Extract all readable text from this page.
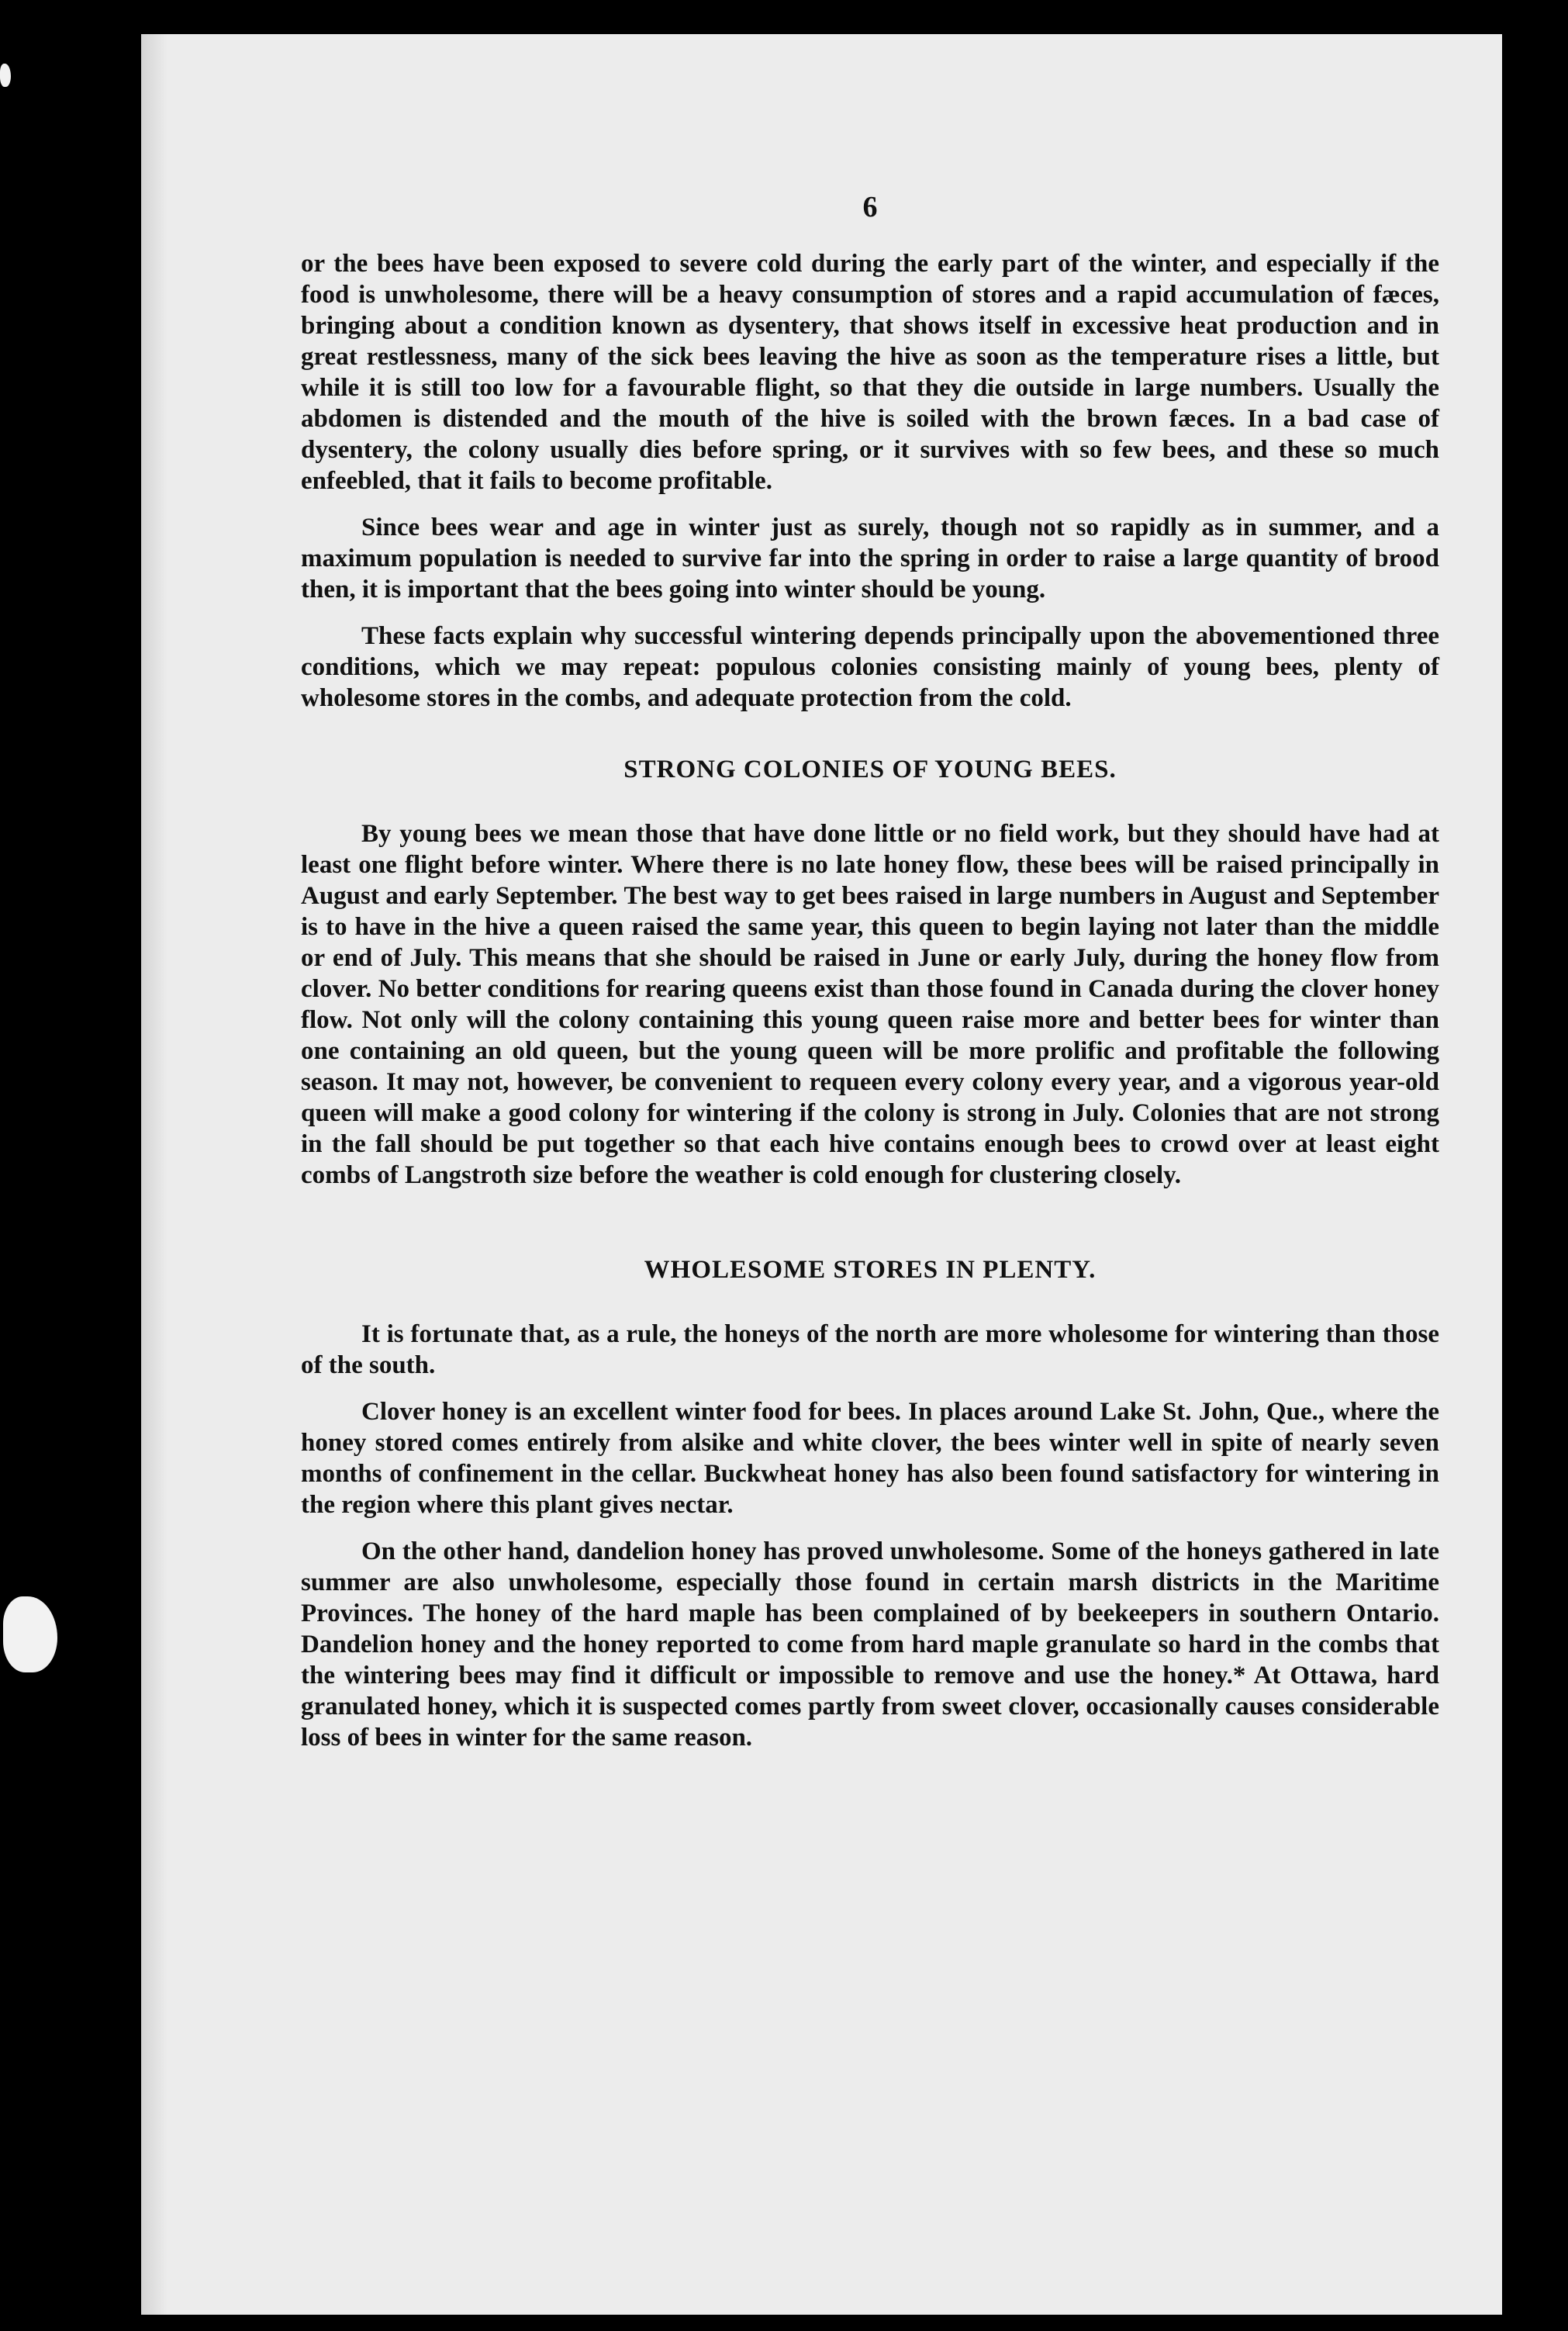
6

or the bees have been exposed to severe cold during the early part of the winter, and especially if the food is unwholesome, there will be a heavy consumption of stores and a rapid accumulation of fæces, bringing about a condition known as dysentery, that shows itself in excessive heat production and in great restlessness, many of the sick bees leaving the hive as soon as the temperature rises a little, but while it is still too low for a favourable flight, so that they die outside in large numbers. Usually the abdomen is distended and the mouth of the hive is soiled with the brown fæces. In a bad case of dysentery, the colony usually dies before spring, or it survives with so few bees, and these so much enfeebled, that it fails to become profitable.

Since bees wear and age in winter just as surely, though not so rapidly as in summer, and a maximum population is needed to survive far into the spring in order to raise a large quantity of brood then, it is important that the bees going into winter should be young.

These facts explain why successful wintering depends principally upon the abovementioned three conditions, which we may repeat: populous colonies consisting mainly of young bees, plenty of wholesome stores in the combs, and adequate protection from the cold.

STRONG COLONIES OF YOUNG BEES.

By young bees we mean those that have done little or no field work, but they should have had at least one flight before winter. Where there is no late honey flow, these bees will be raised principally in August and early September. The best way to get bees raised in large numbers in August and September is to have in the hive a queen raised the same year, this queen to begin laying not later than the middle or end of July. This means that she should be raised in June or early July, during the honey flow from clover. No better conditions for rearing queens exist than those found in Canada during the clover honey flow. Not only will the colony containing this young queen raise more and better bees for winter than one containing an old queen, but the young queen will be more prolific and profitable the following season. It may not, however, be convenient to requeen every colony every year, and a vigorous year-old queen will make a good colony for wintering if the colony is strong in July. Colonies that are not strong in the fall should be put together so that each hive contains enough bees to crowd over at least eight combs of Langstroth size before the weather is cold enough for clustering closely.

WHOLESOME STORES IN PLENTY.

It is fortunate that, as a rule, the honeys of the north are more wholesome for wintering than those of the south.

Clover honey is an excellent winter food for bees. In places around Lake St. John, Que., where the honey stored comes entirely from alsike and white clover, the bees winter well in spite of nearly seven months of confinement in the cellar. Buckwheat honey has also been found satisfactory for wintering in the region where this plant gives nectar.

On the other hand, dandelion honey has proved unwholesome. Some of the honeys gathered in late summer are also unwholesome, especially those found in certain marsh districts in the Maritime Provinces. The honey of the hard maple has been complained of by beekeepers in southern Ontario. Dandelion honey and the honey reported to come from hard maple granulate so hard in the combs that the wintering bees may find it difficult or impossible to remove and use the honey.* At Ottawa, hard granulated honey, which it is suspected comes partly from sweet clover, occasionally causes considerable loss of bees in winter for the same reason.
